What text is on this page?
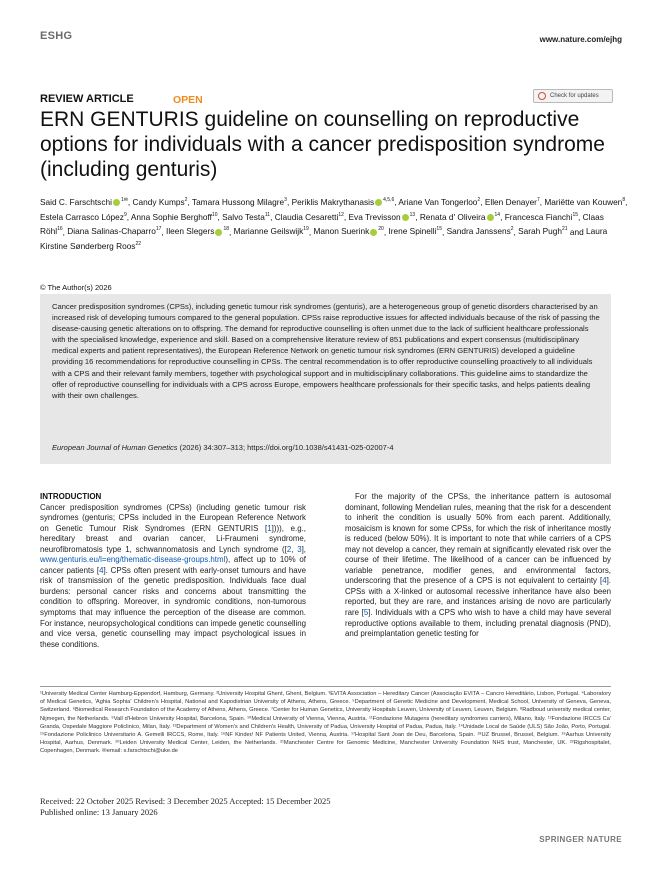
ESHG	www.nature.com/ejhg
REVIEW ARTICLE	OPEN	Check for updates
ERN GENTURIS guideline on counselling on reproductive options for individuals with a cancer predisposition syndrome (including genturis)
Said C. Farschtschi $^{1✉}$, Candy Kumps$^2$, Tamara Hussong Milagre$^3$, Periklis Makrythanasis $^{4,5,6}$, Ariane Van Tongerloo$^2$, Ellen Denayer$^7$, Mariëtte van Kouwen$^8$, Estela Carrasco López$^9$, Anna Sophie Berghoff$^{10}$, Salvo Testa$^{11}$, Claudia Cesaretti$^{12}$, Eva Trevisson $^{13}$, Renata d' Oliveira $^{14}$, Francesca Fianchi$^{15}$, Claas Röhl$^{16}$, Diana Salinas-Chaparro$^{17}$, Ileen Slegers $^{18}$, Marianne Geilswijk$^{19}$, Manon Suerink $^{20}$, Irene Spinelli$^{15}$, Sandra Janssens$^2$, Sarah Pugh$^{21}$ and Laura Kirstine Sønderberg Roos$^{22}$
© The Author(s) 2026

Cancer predisposition syndromes (CPSs), including genetic tumour risk syndromes (genturis), are a heterogeneous group of genetic disorders characterised by an increased risk of developing tumours compared to the general population. CPSs raise reproductive issues for affected individuals because of the risk of passing the disease-causing genetic alterations on to offspring. The demand for reproductive counselling is often unmet due to the lack of sufficient healthcare professionals with the specialised knowledge, experience and skill. Based on a comprehensive literature review of 851 publications and expert consensus (multidisciplinary medical experts and patient representatives), the European Reference Network on genetic tumour risk syndromes (ERN GENTURIS) developed a guideline providing 16 recommendations for reproductive counselling in CPSs. The central recommendation is to offer reproductive counselling proactively to all individuals with a CPS and their relevant family members, together with psychological support and in multidisciplinary collaborations. This guideline aims to standardize the offer of reproductive counselling for individuals with a CPS across Europe, empowers healthcare professionals for their specific tasks, and helps patients dealing with their own challenges.

European Journal of Human Genetics (2026) 34:307–313; https://doi.org/10.1038/s41431-025-02007-4

INTRODUCTION
Cancer predisposition syndromes (CPSs) (including genetic tumour risk syndromes (genturis; CPSs included in the European Reference Network on Genetic Tumour Risk Syndromes (ERN GENTURIS [1]))), e.g., hereditary breast and ovarian cancer, Li-Fraumeni syndrome, neurofibromatosis type 1, schwannomatosis and Lynch syndrome ([2, 3], www.genturis.eu/l=eng/thematic-disease-groups.html), affect up to 10% of cancer patients [4]. CPSs often present with early-onset tumours and have risk of transmission of the genetic predisposition. Individuals face dual burdens: personal cancer risks and concerns about transmitting the condition to offspring. Moreover, in syndromic conditions, non-tumorous symptoms that may influence the perception of the disease are common. For instance, neuropsychological conditions can impede genetic counselling and vice versa, genetic counselling may impact psychological issues in these conditions.
For the majority of the CPSs, the inheritance pattern is autosomal dominant, following Mendelian rules, meaning that the risk for a descendent to inherit the condition is usually 50% from each parent. Additionally, mosaicism is known for some CPSs, for which the risk of inheritance mostly is reduced (below 50%). It is important to note that while carriers of a CPS may not develop a cancer, they remain at significantly elevated risk over the course of their lifetime. The likelihood of a cancer can be influenced by variable penetrance, modifier genes, and environmental factors, underscoring that the presence of a CPS is not equivalent to certainty [4]. CPSs with a X-linked or autosomal recessive inheritance have also been reported, but they are rare, and instances arising de novo are particularly rare [5]. Individuals with a CPS who wish to have a child may have several reproductive options available to them, including prenatal diagnosis (PND), and preimplantation genetic testing for
¹University Medical Center Hamburg-Eppendorf, Hamburg, Germany. ²University Hospital Ghent, Ghent, Belgium. ³EVITA Association – Hereditary Cancer (Associação EVITA – Cancro Hereditário, Lisbon, Portugal. ⁴Laboratory of Medical Genetics, 'Aghia Sophia' Children's Hospital, National and Kapodistrian University of Athens, Athens, Greece. ⁵Department of Genetic Medicine and Development, Medical School, University of Geneva, Geneva, Switzerland. ⁶Biomedical Research Foundation of the Academy of Athens, Athens, Greece. ⁷Center for Human Genetics, University Hospitals Leuven, University of Leuven, Leuven, Belgium. ⁸Radboud university medical center, Nijmegen, the Netherlands. ⁹Vall d'Hebron University Hospital, Barcelona, Spain. ¹⁰Medical University of Vienna, Vienna, Austria. ¹¹Fondazione Mutagens (hereditary syndromes carriers), Milano, Italy. ¹²Fondazione IRCCS Ca' Granda, Ospedale Maggiore Policlinico, Milan, Italy. ¹³Department of Women's and Children's Health, University of Padua, University Hospital of Padua, Padua, Italy. ¹⁴Unidade Local de Saúde (ULS) São João, Porto, Portugal. ¹⁵Fondazione Policlinico Universitario A. Gemelli IRCCS, Rome, Italy. ¹⁶NF Kinder/ NF Patients United, Vienna, Austria. ¹⁷Hospital Sant Joan de Deu, Barcelona, Spain. ¹⁸UZ Brussel, Brussel, Belgium. ¹⁹Aarhus University Hospital, Aarhus, Denmark. ²⁰Leiden University Medical Center, Leiden, the Netherlands. ²¹Manchester Centre for Genomic Medicine, Manchester University Foundation NHS trust, Manchester, UK. ²²Rigshospitalet, Copenhagen, Denmark. ✉email: s.farschtschi@uke.de
Received: 22 October 2025 Revised: 3 December 2025 Accepted: 15 December 2025
Published online: 13 January 2026
SPRINGER NATURE
